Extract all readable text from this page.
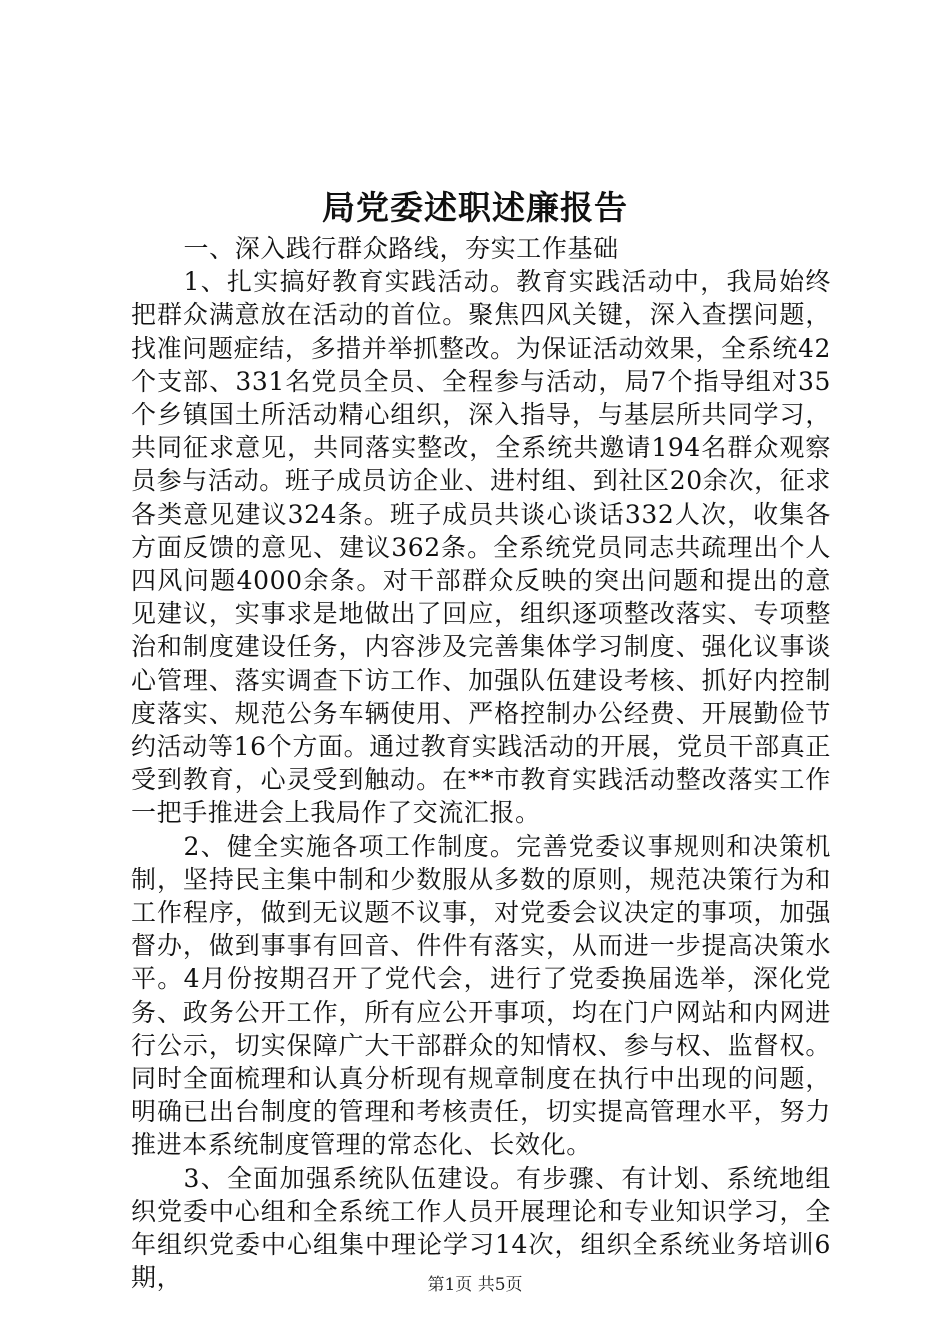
局党委述职述廉报告

一、深入践行群众路线，夯实工作基础

1、扎实搞好教育实践活动。教育实践活动中，我局始终把群众满意放在活动的首位。聚焦四风关键，深入查摆问题，找准问题症结，多措并举抓整改。为保证活动效果，全系统42个支部、331名党员全员、全程参与活动，局7个指导组对35个乡镇国土所活动精心组织，深入指导，与基层所共同学习，共同征求意见，共同落实整改，全系统共邀请194名群众观察员参与活动。班子成员访企业、进村组、到社区20余次，征求各类意见建议324条。班子成员共谈心谈话332人次，收集各方面反馈的意见、建议362条。全系统党员同志共疏理出个人四风问题4000余条。对干部群众反映的突出问题和提出的意见建议，实事求是地做出了回应，组织逐项整改落实、专项整治和制度建设任务，内容涉及完善集体学习制度、强化议事谈心管理、落实调查下访工作、加强队伍建设考核、抓好内控制度落实、规范公务车辆使用、严格控制办公经费、开展勤俭节约活动等16个方面。通过教育实践活动的开展，党员干部真正受到教育，心灵受到触动。在**市教育实践活动整改落实工作一把手推进会上我局作了交流汇报。

2、健全实施各项工作制度。完善党委议事规则和决策机制，坚持民主集中制和少数服从多数的原则，规范决策行为和工作程序，做到无议题不议事，对党委会议决定的事项，加强督办，做到事事有回音、件件有落实，从而进一步提高决策水平。4月份按期召开了党代会，进行了党委换届选举，深化党务、政务公开工作，所有应公开事项，均在门户网站和内网进行公示，切实保障广大干部群众的知情权、参与权、监督权。同时全面梳理和认真分析现有规章制度在执行中出现的问题，明确已出台制度的管理和考核责任，切实提高管理水平，努力推进本系统制度管理的常态化、长效化。

3、全面加强系统队伍建设。有步骤、有计划、系统地组织党委中心组和全系统工作人员开展理论和专业知识学习，全年组织党委中心组集中理论学习14次，组织全系统业务培训6期，	第1页 共5页
